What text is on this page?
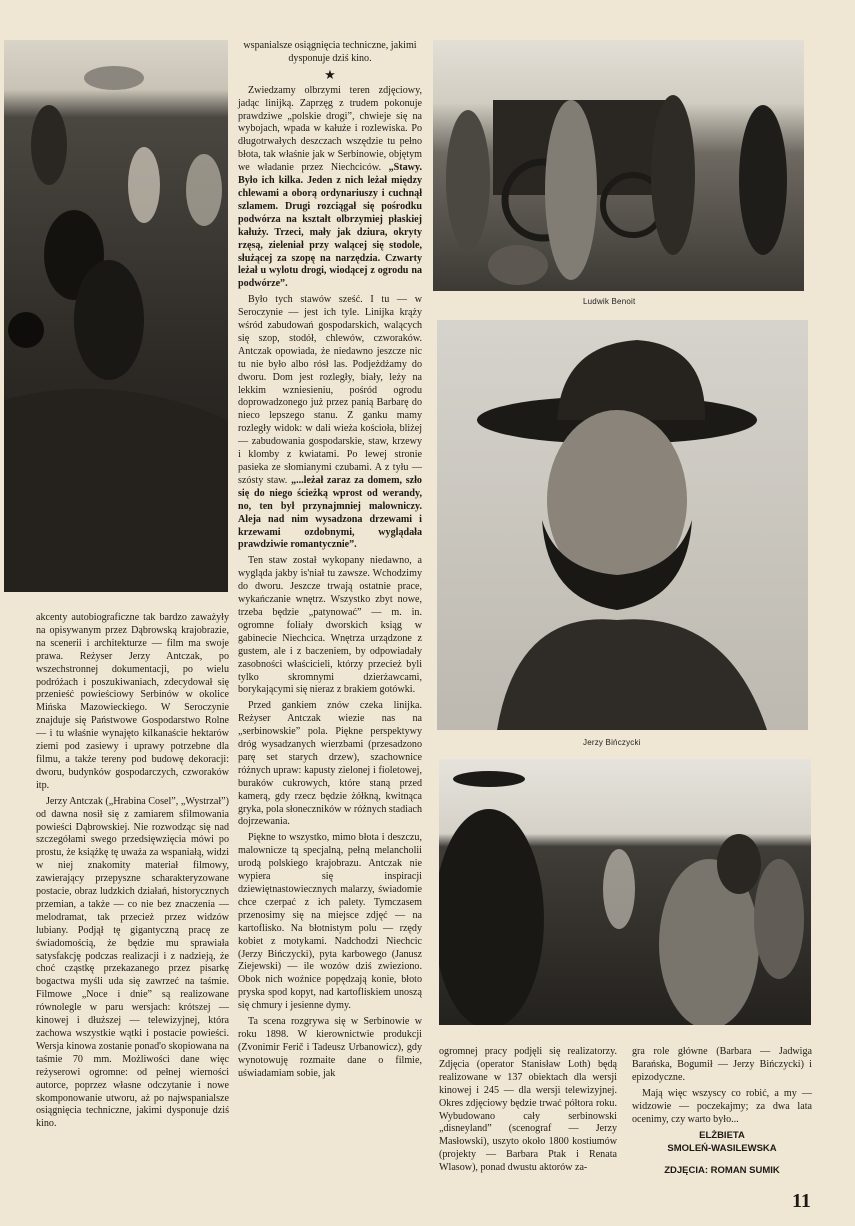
Ludwik Benoit
Jerzy Bińczycki

akcenty autobiograficzne tak bardzo zaważyły na opisywanym przez Dąbrowską krajobrazie, na scenerii i architekturze — film ma swoje prawa. Reżyser Jerzy Antczak, po wszechstronnej dokumentacji, po wielu podróżach i poszukiwaniach, zdecydował się przenieść powieściowy Serbinów w okolice Mińska Mazowieckiego. W Seroczynie znajduje się Państwowe Gospodarstwo Rolne — i tu właśnie wynajęto kilkanaście hektarów ziemi pod zasiewy i uprawy potrzebne dla filmu, a także tereny pod budowę dekoracji: dworu, budynków gospodarczych, czworaków itp.

Jerzy Antczak („Hrabina Cosel”, „Wystrzał”) od dawna nosił się z zamiarem sfilmowania powieści Dąbrowskiej. Nie rozwodząc się nad szczegółami swego przedsięwzięcia mówi po prostu, że książkę tę uważa za wspaniałą, widzi w niej znakomity materiał filmowy, zawierający przepyszne scharakteryzowane postacie, obraz ludzkich działań, historycznych przemian, a także — co nie bez znaczenia — melodramat, tak przecież przez widzów lubiany. Podjął tę gigantyczną pracę ze świadomością, że będzie mu sprawiała satysfakcję podczas realizacji i z nadzieją, że choć cząstkę przekazanego przez pisarkę bogactwa myśli uda się zawrzeć na taśmie. Filmowe „Noce i dnie” są realizowane równolegle w paru wersjach: krótszej — kinowej i dłuższej — telewizyjnej, która zachowa wszystkie wątki i postacie powieści. Wersja kinowa zostanie ponad'o skopiowana na taśmie 70 mm. Możliwości dane więc reżyserowi ogromne: od pełnej wierności autorce, poprzez własne odczytanie i nowe skomponowanie utworu, aż po najwspanialsze osiągnięcia techniczne, jakimi dysponuje dziś kino.

wspanialsze osiągnięcia techniczne, jakimi dysponuje dziś kino.

★

Zwiedzamy olbrzymi teren zdjęciowy, jadąc linijką. Zaprzęg z trudem pokonuje prawdziwe „polskie drogi”, chwieje się na wybojach, wpada w kałuże i rozlewiska. Po długotrwałych deszczach wszędzie tu pełno błota, tak właśnie jak w Serbinowie, objętym we władanie przez Niechciców. „Stawy. Było ich kilka. Jeden z nich leżał między chlewami a oborą ordynariuszy i cuchnął szlamem. Drugi rozciągał się pośrodku podwórza na kształt olbrzymiej płaskiej kałuży. Trzeci, mały jak dziura, okryty rzęsą, zieleniał przy walącej się stodole, służącej za szopę na narzędzia. Czwarty leżał u wylotu drogi, wiodącej z ogrodu na podwórze”.

Było tych stawów sześć. I tu — w Seroczynie — jest ich tyle. Linijka krąży wśród zabudowań gospodarskich, walących się szop, stodół, chlewów, czworaków. Antczak opowiada, że niedawno jeszcze nic tu nie było albo rósł las. Podjeżdżamy do dworu. Dom jest rozległy, biały, leży na lekkim wzniesieniu, pośród ogrodu doprowadzonego już przez panią Barbarę do nieco lepszego stanu. Z ganku mamy rozległy widok: w dali wieża kościoła, bliżej — zabudowania gospodarskie, staw, krzewy i klomby z kwiatami. Po lewej stronie pasieka ze słomianymi czubami. A z tyłu — szósty staw. „...leżał zaraz za domem, szło się do niego ścieżką wprost od werandy, no, ten był przynajmniej malowniczy. Aleja nad nim wysadzona drzewami i krzewami ozdobnymi, wyglądała prawdziwie romantycznie”.

Ten staw został wykopany niedawno, a wygląda jakby is'niał tu zawsze. Wchodzimy do dworu. Jeszcze trwają ostatnie prace, wykańczanie wnętrz. Wszystko zbyt nowe, trzeba będzie „patynować” — m. in. ogromne foliały dworskich ksiąg w gabinecie Niechcica. Wnętrza urządzone z gustem, ale i z baczeniem, by odpowiadały zasobności właścicieli, którzy przecież byli tylko skromnymi dzierżawcami, borykającymi się nieraz z brakiem gotówki.

Przed gankiem znów czeka linijka. Reżyser Antczak wiezie nas na „serbinowskie” pola. Piękne perspektywy dróg wysadzanych wierzbami (przesadzono parę set starych drzew), szachownice różnych upraw: kapusty zielonej i fioletowej, buraków cukrowych, które staną przed kamerą, gdy rzecz będzie żółkną, kwitnąca gryka, pola słoneczników w różnych stadiach dojrzewania.

Piękne to wszystko, mimo błota i deszczu, malownicze tą specjalną, pełną melancholii urodą polskiego krajobrazu. Antczak nie wypiera się inspiracji dziewiętnastowiecznych malarzy, świadomie chce czerpać z ich palety. Tymczasem przenosimy się na miejsce zdjęć — na kartoflisko. Na błotnistym polu — rzędy kobiet z motykami. Nadchodzi Niechcic (Jerzy Bińczycki), pyta karbowego (Janusz Ziejewski) — ile wozów dziś zwieziono. Obok nich woźnice popędzają konie, błoto pryska spod kopyt, nad kartofliskiem unoszą się chmury i jesienne dymy.

Ta scena rozgrywa się w Serbinowie w roku 1898. W kierownictwie produkcji (Zvonimir Ferič i Tadeusz Urbanowicz), gdy wynotowuję rozmaite dane o filmie, uświadamiam sobie, jak

ogromnej pracy podjęli się realizatorzy. Zdjęcia (operator Stanisław Loth) będą realizowane w 137 obiektach dla wersji kinowej i 245 — dla wersji telewizyjnej. Okres zdjęciowy będzie trwać półtora roku. Wybudowano cały serbinowski „disneyland” (scenograf — Jerzy Masłowski), uszyto około 1800 kostiumów (projekty — Barbara Ptak i Renata Wlasow), ponad dwustu aktorów za-

gra role główne (Barbara — Jadwiga Barańska, Bogumił — Jerzy Bińczycki) i epizodyczne.

Mają więc wszyscy co robić, a my — widzowie — poczekajmy; za dwa lata ocenimy, czy warto było...

ELŻBIETA
SMOLEŃ-WASILEWSKA
ZDJĘCIA: ROMAN SUMIK
11
